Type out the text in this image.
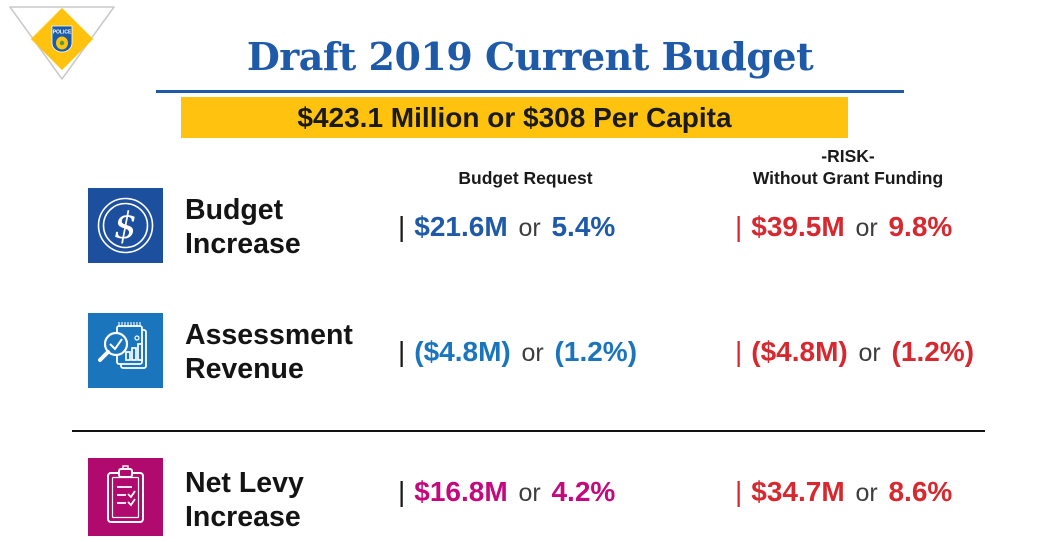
POLICE
Draft 2019 Current Budget
$423.1 Million or $308 Per Capita
Budget Request
-RISK-
Without Grant Funding
$ Budget
Increase
| $21.6M or 5.4%	| $39.5M or 9.8%
Assessment
Revenue
| ($4.8M) or (1.2%)	| ($4.8M) or (1.2%)
Net Levy
Increase
| $16.8M or 4.2%	| $34.7M or 8.6%
